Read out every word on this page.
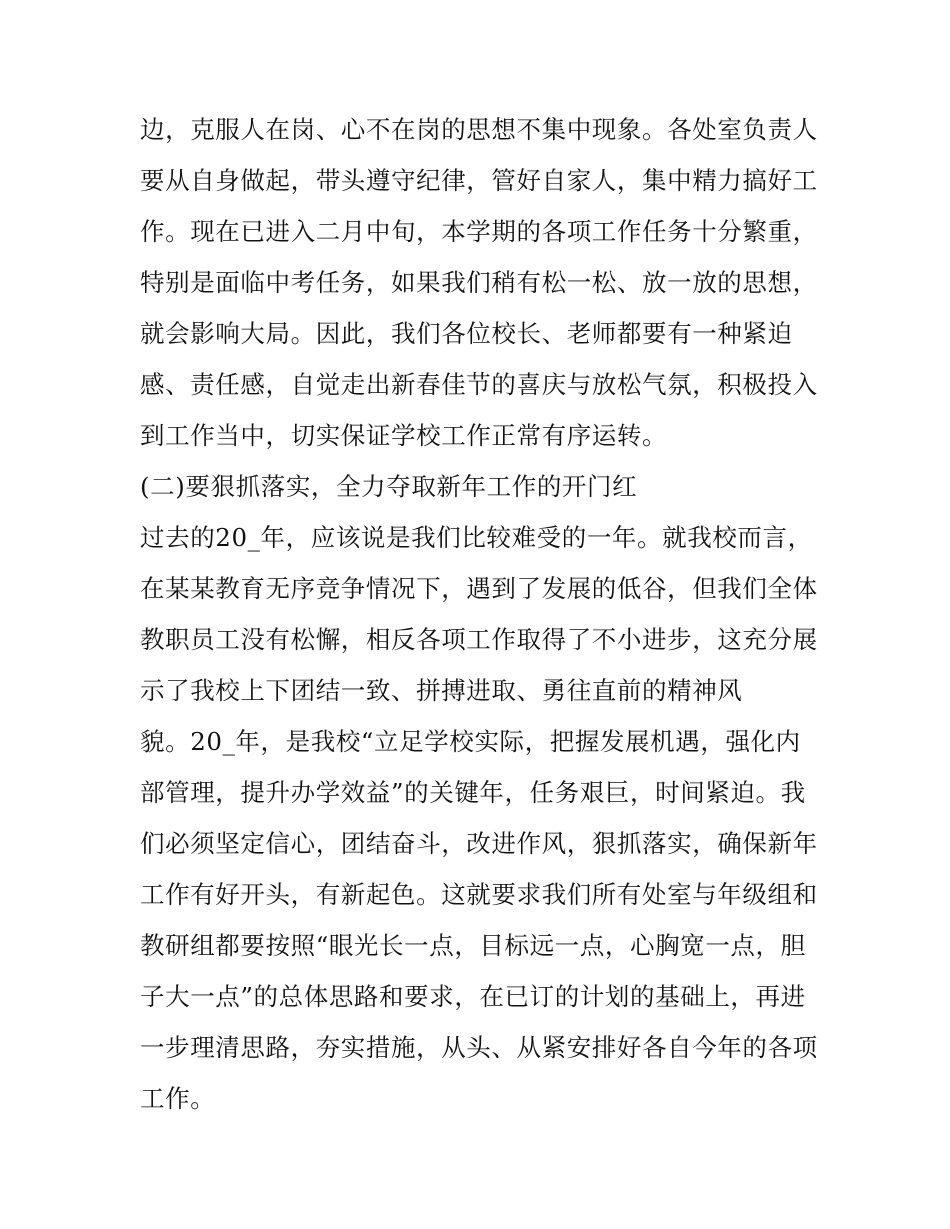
边，克服人在岗、心不在岗的思想不集中现象。各处室负责人

要从自身做起，带头遵守纪律，管好自家人，集中精力搞好工

作。现在已进入二月中旬，本学期的各项工作任务十分繁重，

特别是面临中考任务，如果我们稍有松一松、放一放的思想，

就会影响大局。因此，我们各位校长、老师都要有一种紧迫

感、责任感，自觉走出新春佳节的喜庆与放松气氛，积极投入

到工作当中，切实保证学校工作正常有序运转。

(二)要狠抓落实，全力夺取新年工作的开门红

过去的20_年，应该说是我们比较难受的一年。就我校而言，

在某某教育无序竞争情况下，遇到了发展的低谷，但我们全体

教职员工没有松懈，相反各项工作取得了不小进步，这充分展

示了我校上下团结一致、拼搏进取、勇往直前的精神风

貌。20_年，是我校“立足学校实际，把握发展机遇，强化内

部管理，提升办学效益”的关键年，任务艰巨，时间紧迫。我

们必须坚定信心，团结奋斗，改进作风，狠抓落实，确保新年

工作有好开头，有新起色。这就要求我们所有处室与年级组和

教研组都要按照“眼光长一点，目标远一点，心胸宽一点，胆

子大一点”的总体思路和要求，在已订的计划的基础上，再进

一步理清思路，夯实措施，从头、从紧安排好各自今年的各项

工作。
